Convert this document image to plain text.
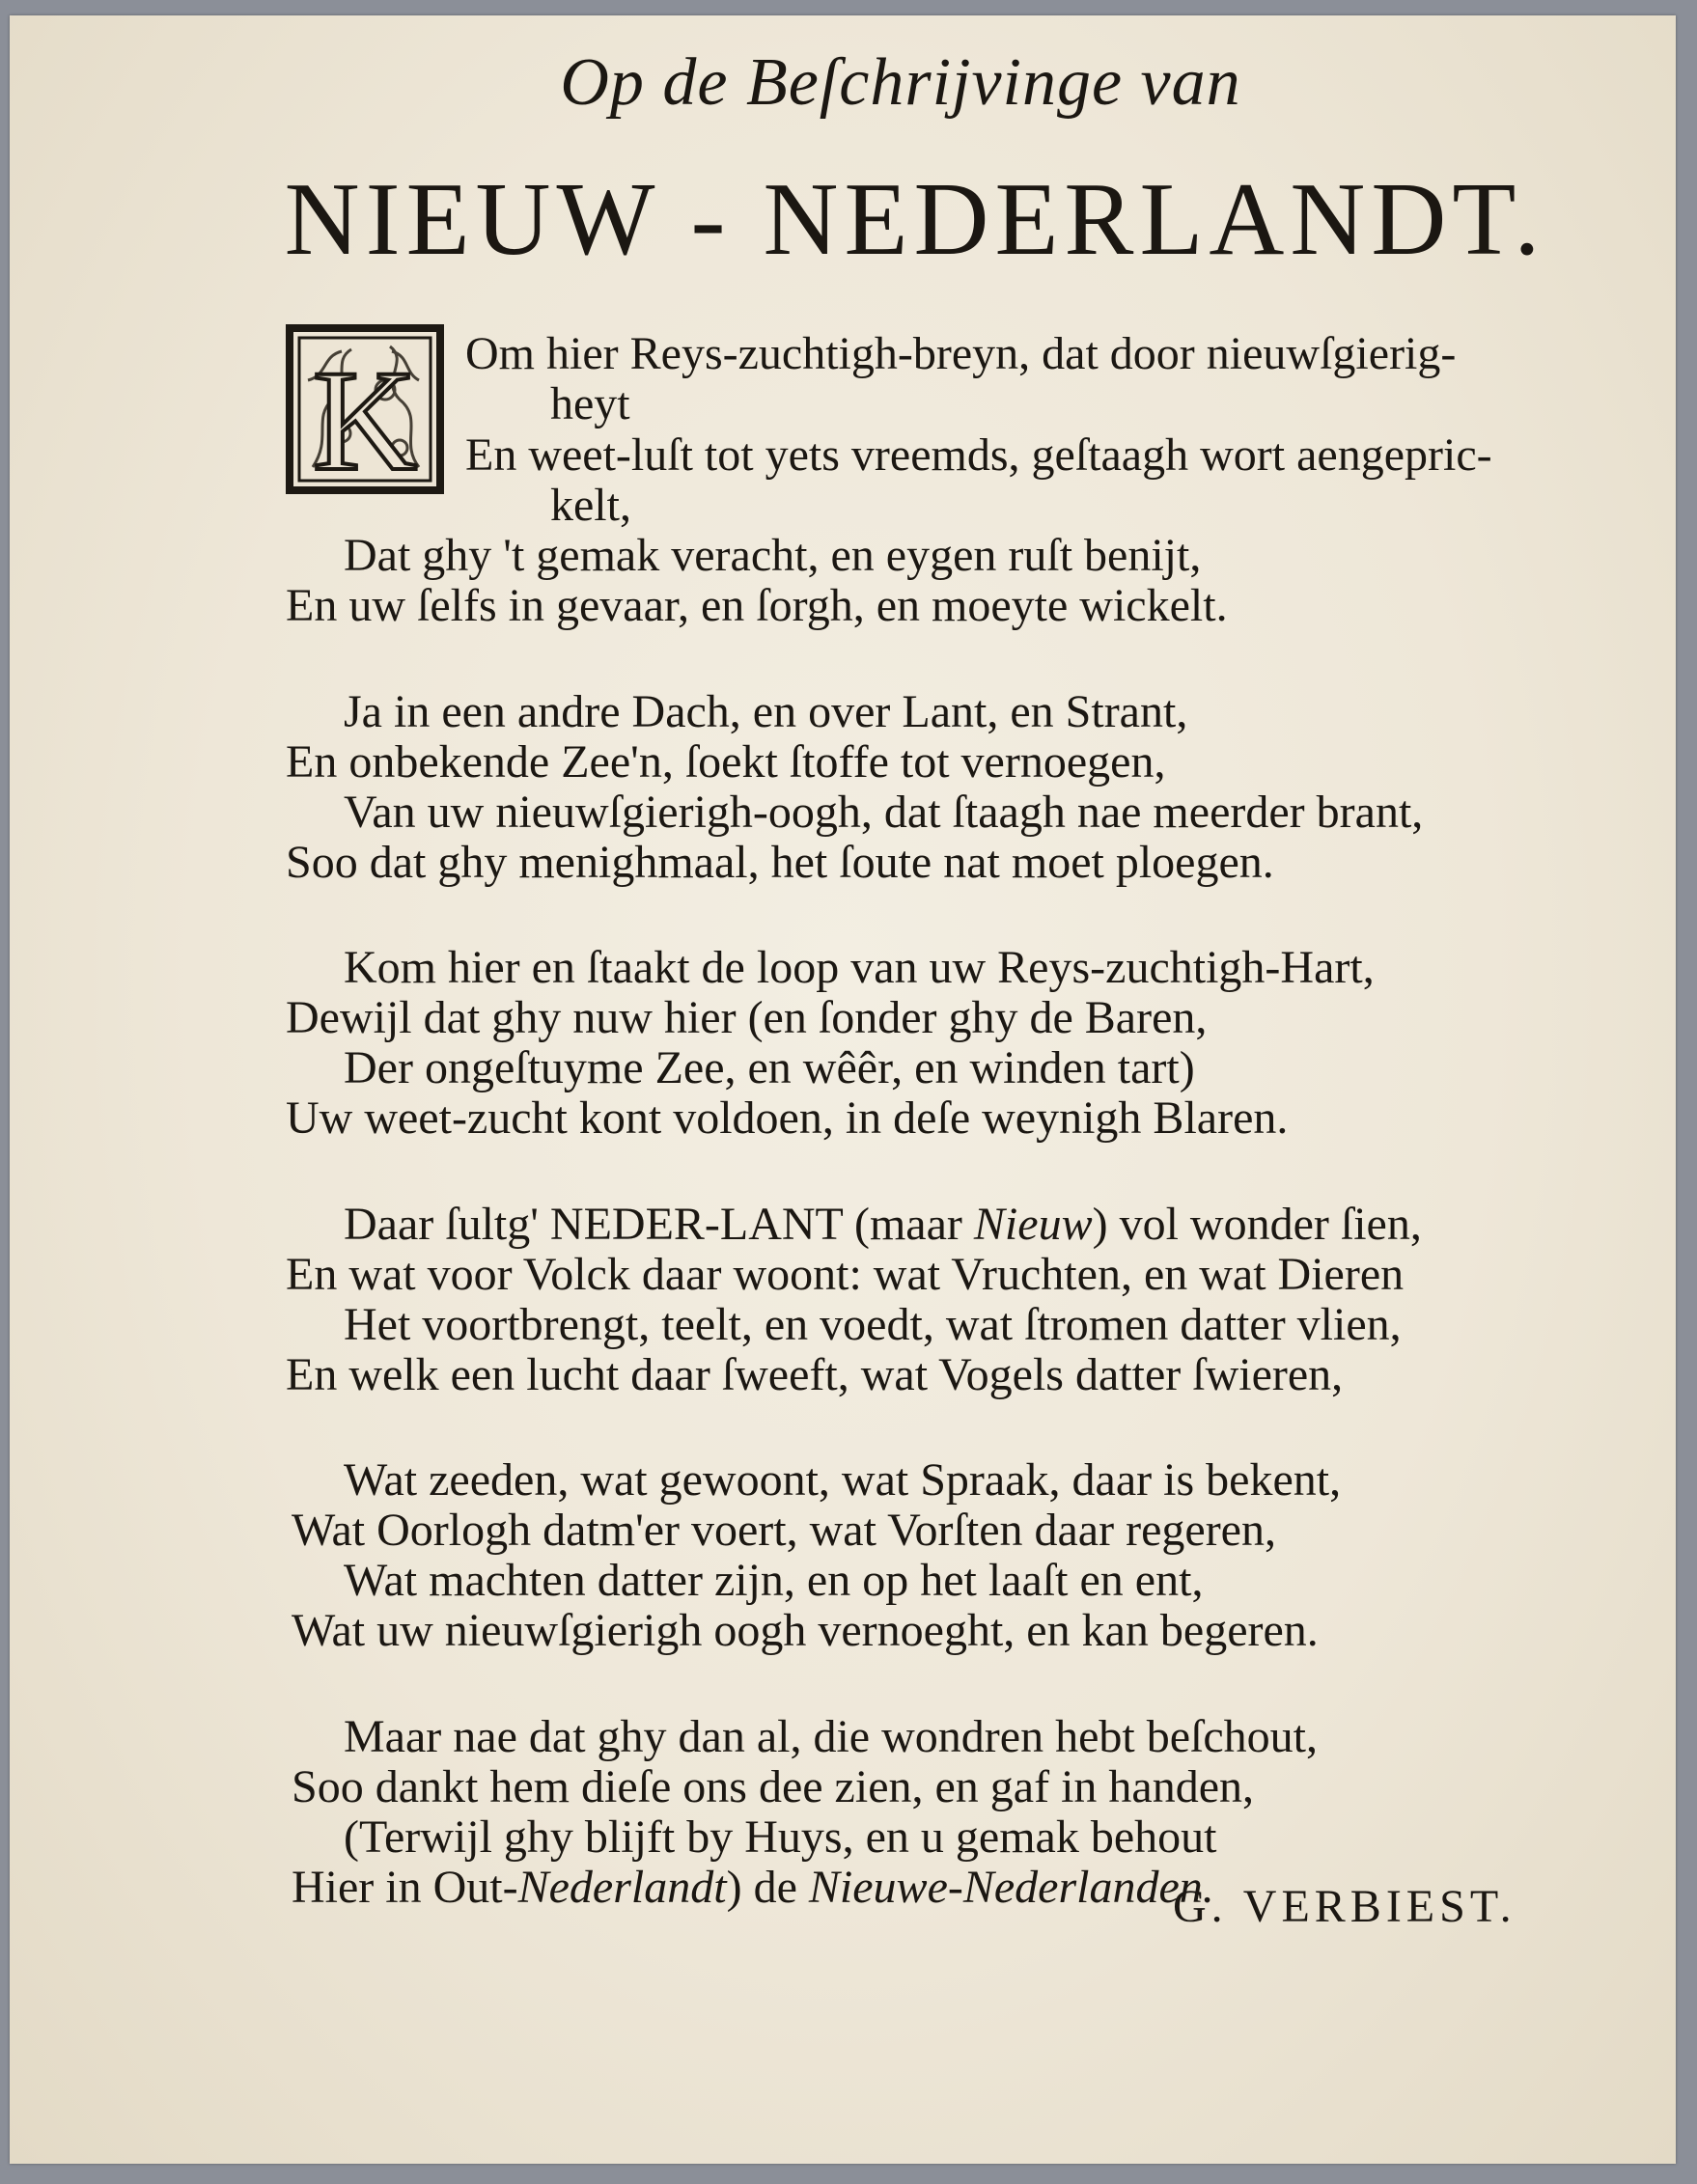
Op de Beſchrijvinge van
NIEUW - NEDERLANDT.
K Om hier Reys-zuchtigh-breyn, dat door nieuwſgierig-
heyt
En weet-luſt tot yets vreemds, geſtaagh wort aengepric-
kelt,
Dat ghy 't gemak veracht, en eygen ruſt benijt,
En uw ſelfs in gevaar, en ſorgh, en moeyte wickelt.
Ja in een andre Dach, en over Lant, en Strant,
En onbekende Zee'n, ſoekt ſtoffe tot vernoegen,
Van uw nieuwſgierigh-oogh, dat ſtaagh nae meerder brant,
Soo dat ghy menighmaal, het ſoute nat moet ploegen.
Kom hier en ſtaakt de loop van uw Reys-zuchtigh-Hart,
Dewijl dat ghy nuw hier (en ſonder ghy de Baren,
Der ongeſtuyme Zee, en wêêr, en winden tart)
Uw weet-zucht kont voldoen, in deſe weynigh Blaren.
Daar ſultg' NEDER-LANT (maar Nieuw) vol wonder ſien,
En wat voor Volck daar woont: wat Vruchten, en wat Dieren
Het voortbrengt, teelt, en voedt, wat ſtromen datter vlien,
En welk een lucht daar ſweeft, wat Vogels datter ſwieren,
Wat zeeden, wat gewoont, wat Spraak, daar is bekent,
Wat Oorlogh datm'er voert, wat Vorſten daar regeren,
Wat machten datter zijn, en op het laaſt en ent,
Wat uw nieuwſgierigh oogh vernoeght, en kan begeren.
Maar nae dat ghy dan al, die wondren hebt beſchout,
Soo dankt hem dieſe ons dee zien, en gaf in handen,
(Terwijl ghy blijft by Huys, en u gemak behout
Hier in Out-Nederlandt) de Nieuwe-Nederlanden.
G. VERBIEST.
